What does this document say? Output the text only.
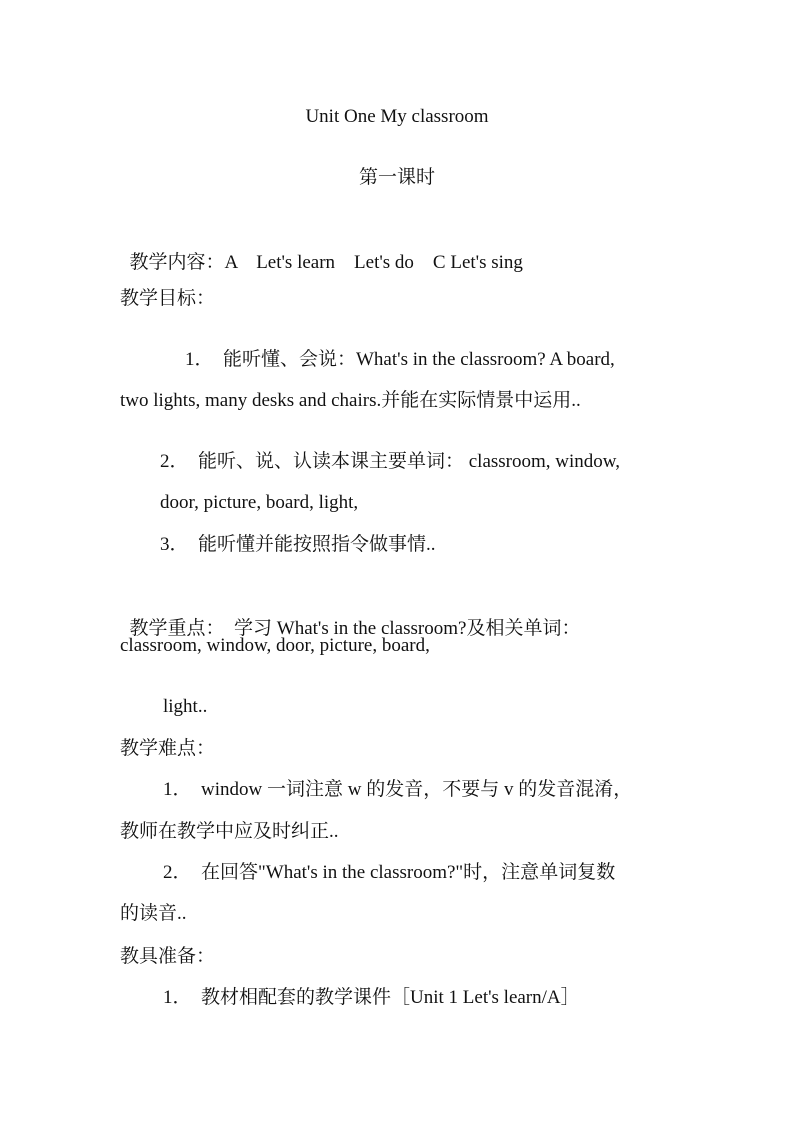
Unit One My classroom
第一课时

教学内容：A    Let's learn    Let's do    C Let's sing

教学目标：
1．  能听懂、会说：What's in the classroom? A board,
two lights, many desks and chairs.并能在实际情景中运用..
2．  能听、说、认读本课主要单词： classroom, window,
door, picture, board, light,
3．  能听懂并能按照指令做事情..

教学重点：  学习 What's in the classroom?及相关单词：

classroom, window, door, picture, board,
light..
教学难点：
1．  window 一词注意 w 的发音，不要与 v 的发音混淆，
教师在教学中应及时纠正..
2．  在回答"What's in the classroom?"时，注意单词复数
的读音..
教具准备：
1．  教材相配套的教学课件［Unit 1 Let's learn/A］
